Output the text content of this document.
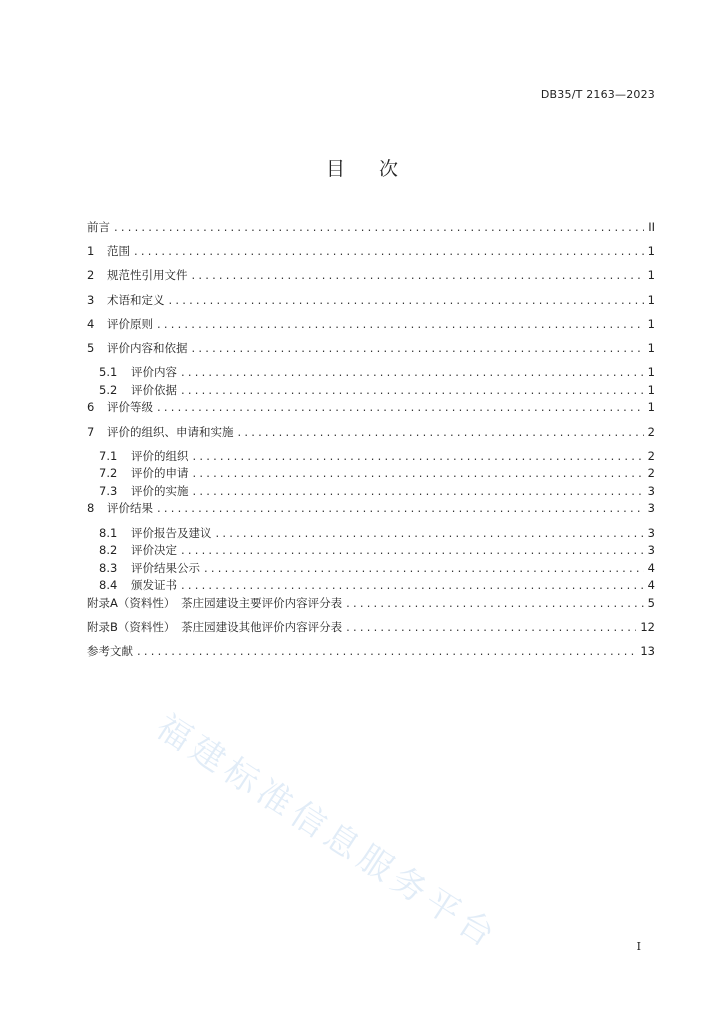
DB35/T 2163—2023
目次
前言 .....	II
1	范围 .....	1
2	规范性引用文件 .....	1
3	术语和定义 .....	1
4	评价原则 .....	1
5	评价内容和依据 .....	1
5.1	评价内容 .....	1
5.2	评价依据 .....	1
6	评价等级 .....	1
7	评价的组织、申请和实施 .....	2
7.1	评价的组织 .....	2
7.2	评价的申请 .....	2
7.3	评价的实施 .....	3
8	评价结果 .....	3
8.1	评价报告及建议 .....	3
8.2	评价决定 .....	3
8.3	评价结果公示 .....	4
8.4	颁发证书 .....	4
附录A（资料性）　茶庄园建设主要评价内容评分表 .....	5
附录B（资料性）　茶庄园建设其他评价内容评分表 .....	12
参考文献 .....	13
福建标准信息服务平台	I
